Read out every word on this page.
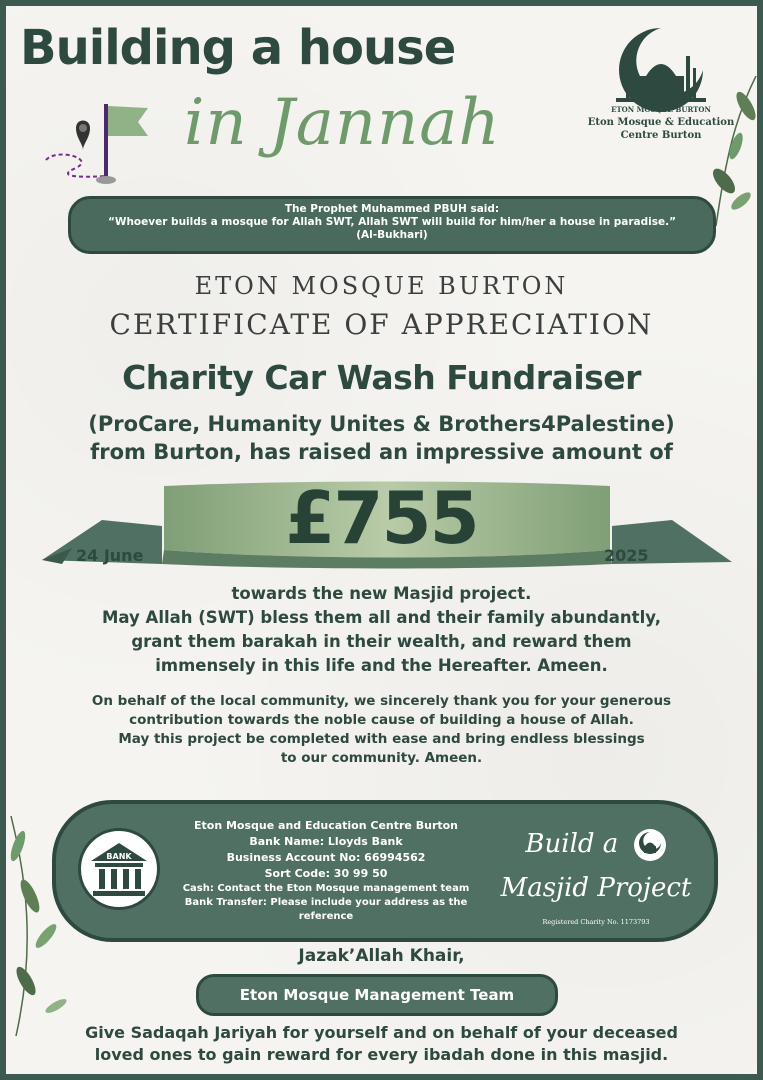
Building a house
in Jannah	ETON MOSQUE BURTON
Eton Mosque & Education
Centre Burton
The Prophet Muhammed PBUH said:
“Whoever builds a mosque for Allah SWT, Allah SWT will build for him/her a house in paradise.”
(Al-Bukhari)
ETON MOSQUE BURTON
CERTIFICATE OF APPRECIATION
Charity Car Wash Fundraiser
(ProCare, Humanity Unites & Brothers4Palestine)
from Burton, has raised an impressive amount of
£755
24 June	2025
towards the new Masjid project.
May Allah (SWT) bless them all and their family abundantly,
grant them barakah in their wealth, and reward them
immensely in this life and the Hereafter. Ameen.
On behalf of the local community, we sincerely thank you for your generous
contribution towards the noble cause of building a house of Allah.
May this project be completed with ease and bring endless blessings
to our community. Ameen.
BANK
Eton Mosque and Education Centre Burton
Bank Name: Lloyds Bank
Business Account No: 66994562
Sort Code: 30 99 50
Cash: Contact the Eton Mosque management team
Bank Transfer: Please include your address as the reference
Build a
Masjid Project
Registered Charity No. 1173793
Jazak’Allah Khair,
Eton Mosque Management Team
Give Sadaqah Jariyah for yourself and on behalf of your deceased
loved ones to gain reward for every ibadah done in this masjid.
